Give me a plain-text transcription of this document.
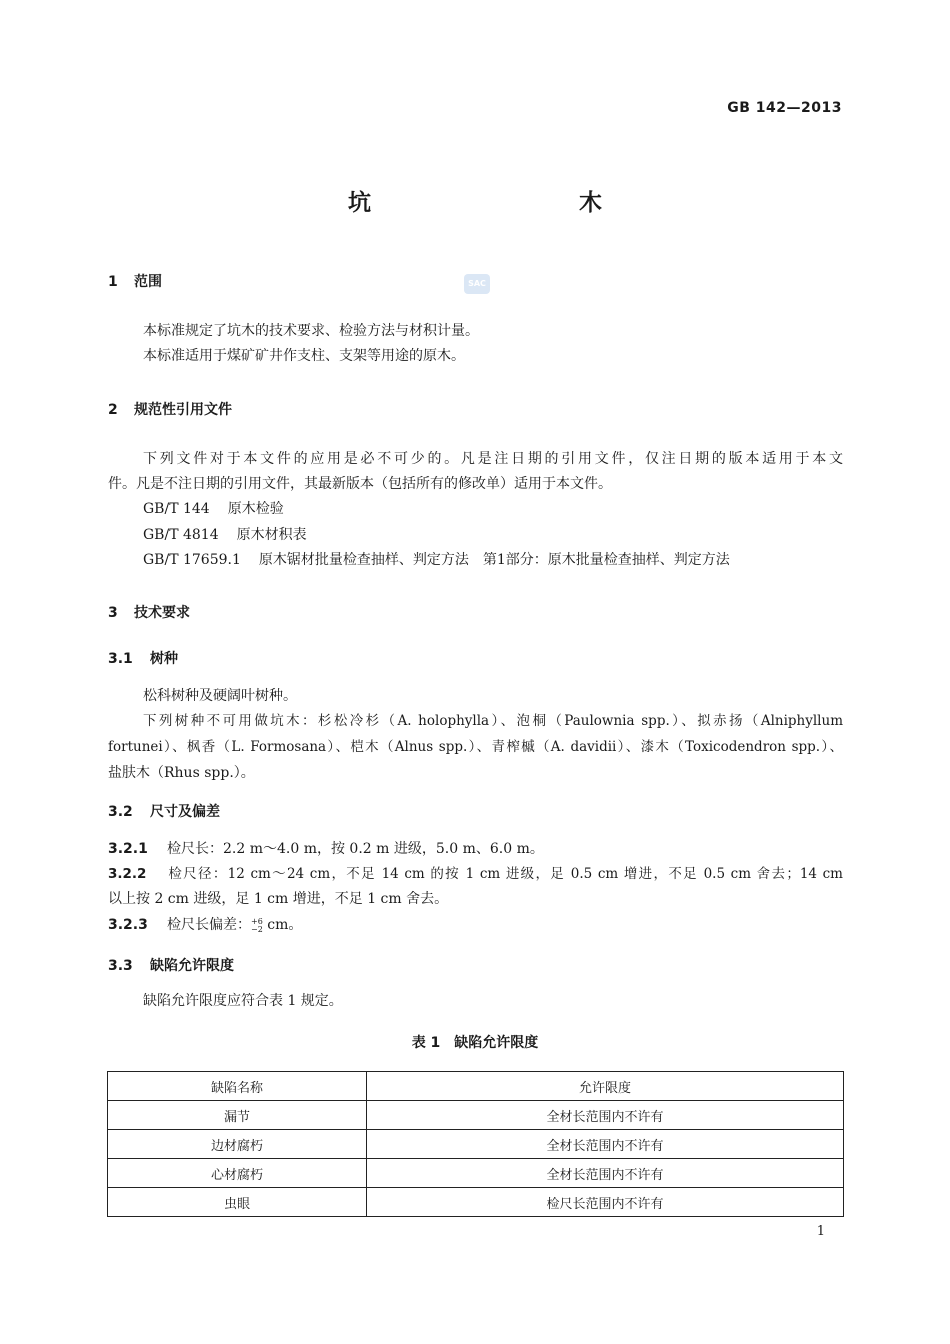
GB 142—2013
坑 木
SAC
1 范围
本标准规定了坑木的技术要求、检验方法与材积计量。
本标准适用于煤矿矿井作支柱、支架等用途的原木。
2 规范性引用文件
下列文件对于本文件的应用是必不可少的。凡是注日期的引用文件，仅注日期的版本适用于本文
件。凡是不注日期的引用文件，其最新版本（包括所有的修改单）适用于本文件。
GB/T 144 原木检验
GB/T 4814 原木材积表
GB/T 17659.1 原木锯材批量检查抽样、判定方法　第1部分：原木批量检查抽样、判定方法
3 技术要求
3.1 树种
松科树种及硬阔叶树种。
下列树种不可用做坑木：杉松冷杉（A. holophylla）、泡桐（Paulownia spp.）、拟赤扬（Alniphyllum
fortunei）、枫香（L. Formosana）、桤木（Alnus spp.）、青榨槭（A. davidii）、漆木（Toxicodendron spp.）、
盐肤木（Rhus spp.）。
3.2 尺寸及偏差
3.2.1 检尺长：2.2 m～4.0 m，按 0.2 m 进级，5.0 m、6.0 m。
3.2.2 检尺径：12 cm～24 cm，不足 14 cm 的按 1 cm 进级，足 0.5 cm 增进，不足 0.5 cm 舍去；14 cm
以上按 2 cm 进级，足 1 cm 增进，不足 1 cm 舍去。
3.2.3 检尺长偏差：+6
−2 cm。
3.3 缺陷允许限度
缺陷允许限度应符合表 1 规定。
表 1　缺陷允许限度
缺陷名称	允许限度
漏节	全材长范围内不许有
边材腐朽	全材长范围内不许有
心材腐朽	全材长范围内不许有
虫眼	检尺长范围内不许有
1
